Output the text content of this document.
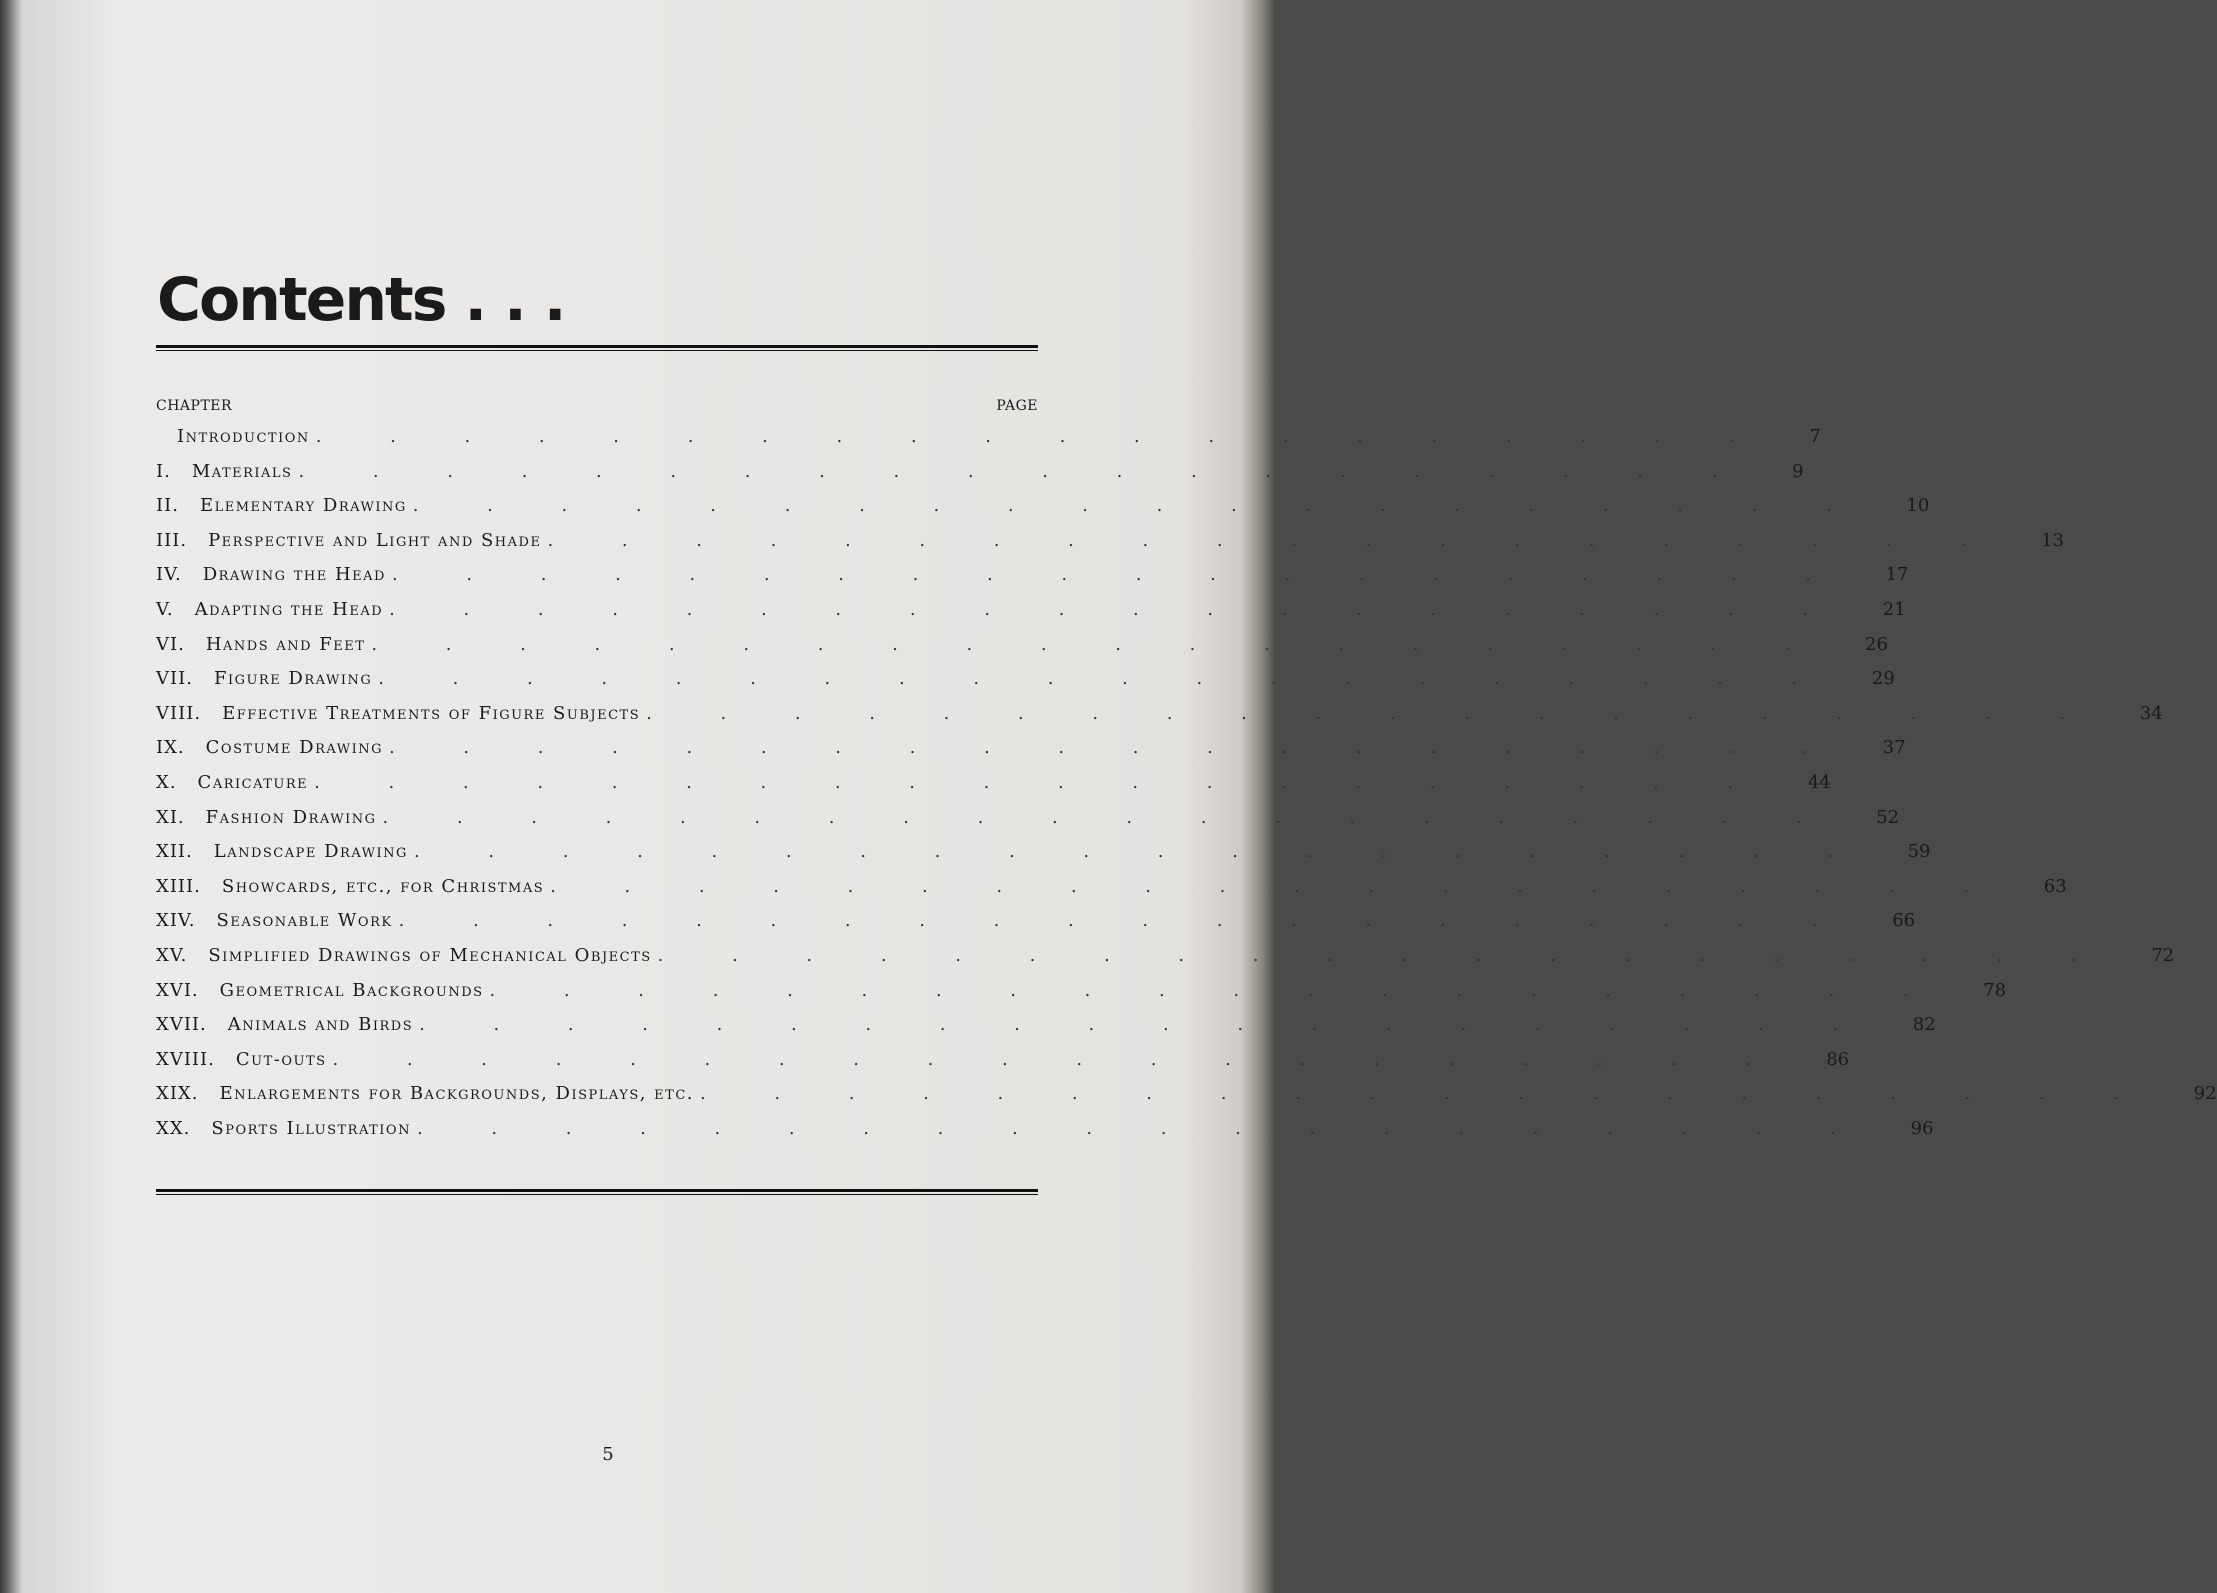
Contents . . .
CHAPTER	PAGE
Introduction .            .            .            .            .            .            .            .            .            .            .            .            .            .            .            .            .            .            .            . 7
I. Materials .            .            .            .            .            .            .            .            .            .            .            .            .            .            .            .            .            .            .            . 9
II. Elementary Drawing .            .            .            .            .            .            .            .            .            .            .            .            .            .            .            .            .            .            .            . 10
III. Perspective and Light and Shade .            .            .            .            .            .            .            .            .            .            .            .            .            .            .            .            .            .            .            . 13
IV. Drawing the Head .            .            .            .            .            .            .            .            .            .            .            .            .            .            .            .            .            .            .            . 17
V. Adapting the Head .            .            .            .            .            .            .            .            .            .            .            .            .            .            .            .            .            .            .            . 21
VI. Hands and Feet .            .            .            .            .            .            .            .            .            .            .            .            .            .            .            .            .            .            .            . 26
VII. Figure Drawing .            .            .            .            .            .            .            .            .            .            .            .            .            .            .            .            .            .            .            . 29
VIII. Effective Treatments of Figure Subjects .            .            .            .            .            .            .            .            .            .            .            .            .            .            .            .            .            .            .            . 34
IX. Costume Drawing .            .            .            .            .            .            .            .            .            .            .            .            .            .            .            .            .            .            .            . 37
X. Caricature .            .            .            .            .            .            .            .            .            .            .            .            .            .            .            .            .            .            .            . 44
XI. Fashion Drawing .            .            .            .            .            .            .            .            .            .            .            .            .            .            .            .            .            .            .            . 52
XII. Landscape Drawing .            .            .            .            .            .            .            .            .            .            .            .            .            .            .            .            .            .            .            . 59
XIII. Showcards, etc., for Christmas .            .            .            .            .            .            .            .            .            .            .            .            .            .            .            .            .            .            .            . 63
XIV. Seasonable Work .            .            .            .            .            .            .            .            .            .            .            .            .            .            .            .            .            .            .            . 66
XV. Simplified Drawings of Mechanical Objects .            .            .            .            .            .            .            .            .            .            .            .            .            .            .            .            .            .            .            . 72
XVI. Geometrical Backgrounds .            .            .            .            .            .            .            .            .            .            .            .            .            .            .            .            .            .            .            . 78
XVII. Animals and Birds .            .            .            .            .            .            .            .            .            .            .            .            .            .            .            .            .            .            .            . 82
XVIII. Cut-outs .            .            .            .            .            .            .            .            .            .            .            .            .            .            .            .            .            .            .            . 86
XIX. Enlargements for Backgrounds, Displays, etc. .            .            .            .            .            .            .            .            .            .            .            .            .            .            .            .            .            .            .            . 92
XX. Sports Illustration .            .            .            .            .            .            .            .            .            .            .            .            .            .            .            .            .            .            .            . 96
5
